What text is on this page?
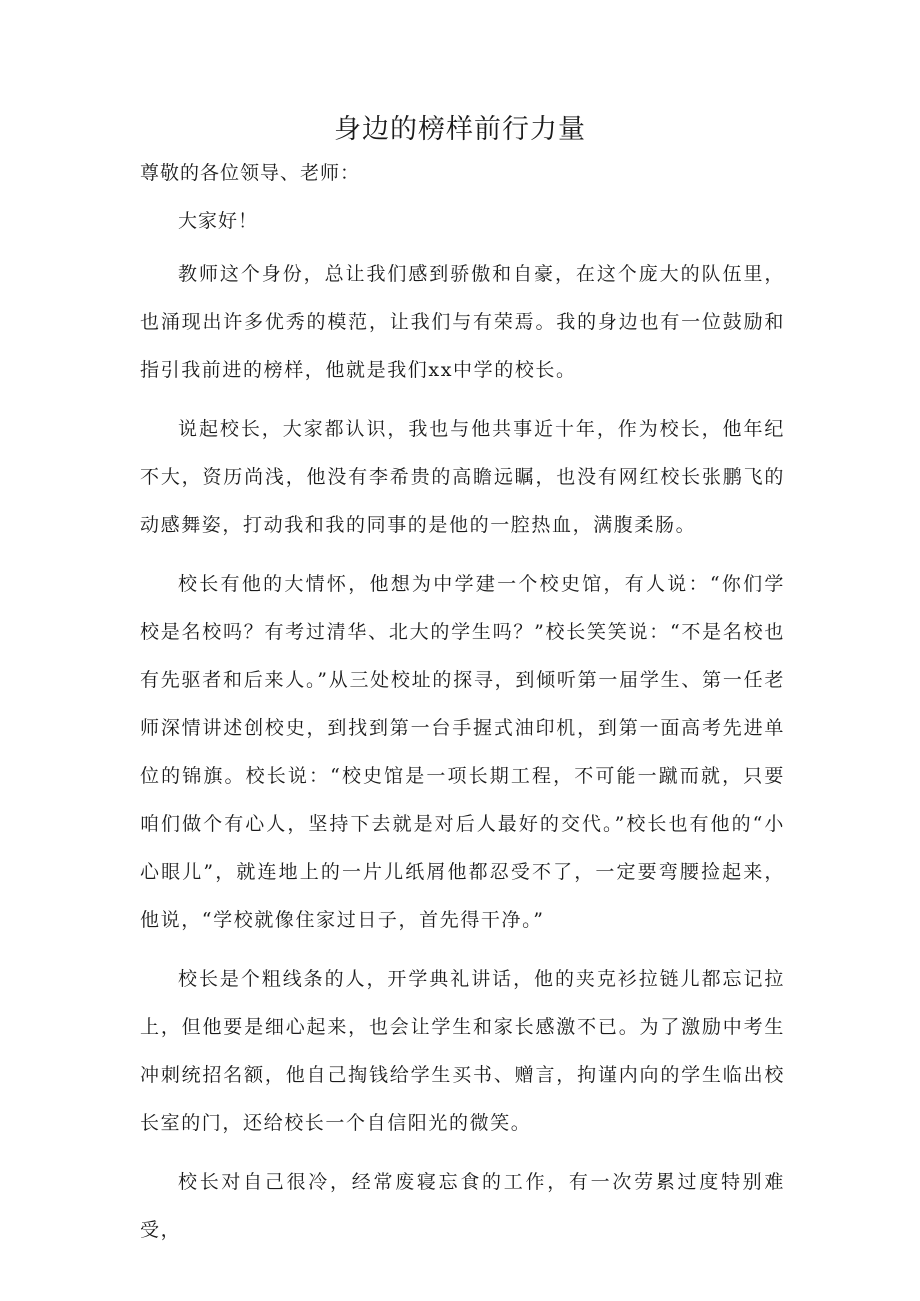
身边的榜样前行力量

尊敬的各位领导、老师：

大家好！

教师这个身份，总让我们感到骄傲和自豪，在这个庞大的队伍里，也涌现出许多优秀的模范，让我们与有荣焉。我的身边也有一位鼓励和指引我前进的榜样，他就是我们xx中学的校长。

说起校长，大家都认识，我也与他共事近十年，作为校长，他年纪不大，资历尚浅，他没有李希贵的高瞻远瞩，也没有网红校长张鹏飞的动感舞姿，打动我和我的同事的是他的一腔热血，满腹柔肠。

校长有他的大情怀，他想为中学建一个校史馆，有人说：“你们学校是名校吗？有考过清华、北大的学生吗？”校长笑笑说：“不是名校也有先驱者和后来人。”从三处校址的探寻，到倾听第一届学生、第一任老师深情讲述创校史，到找到第一台手握式油印机，到第一面高考先进单位的锦旗。校长说：“校史馆是一项长期工程，不可能一蹴而就，只要咱们做个有心人，坚持下去就是对后人最好的交代。”校长也有他的“小心眼儿”，就连地上的一片儿纸屑他都忍受不了，一定要弯腰捡起来，他说，“学校就像住家过日子，首先得干净。”

校长是个粗线条的人，开学典礼讲话，他的夹克衫拉链儿都忘记拉上，但他要是细心起来，也会让学生和家长感激不已。为了激励中考生冲刺统招名额，他自己掏钱给学生买书、赠言，拘谨内向的学生临出校长室的门，还给校长一个自信阳光的微笑。

校长对自己很冷，经常废寝忘食的工作，有一次劳累过度特别难受，
